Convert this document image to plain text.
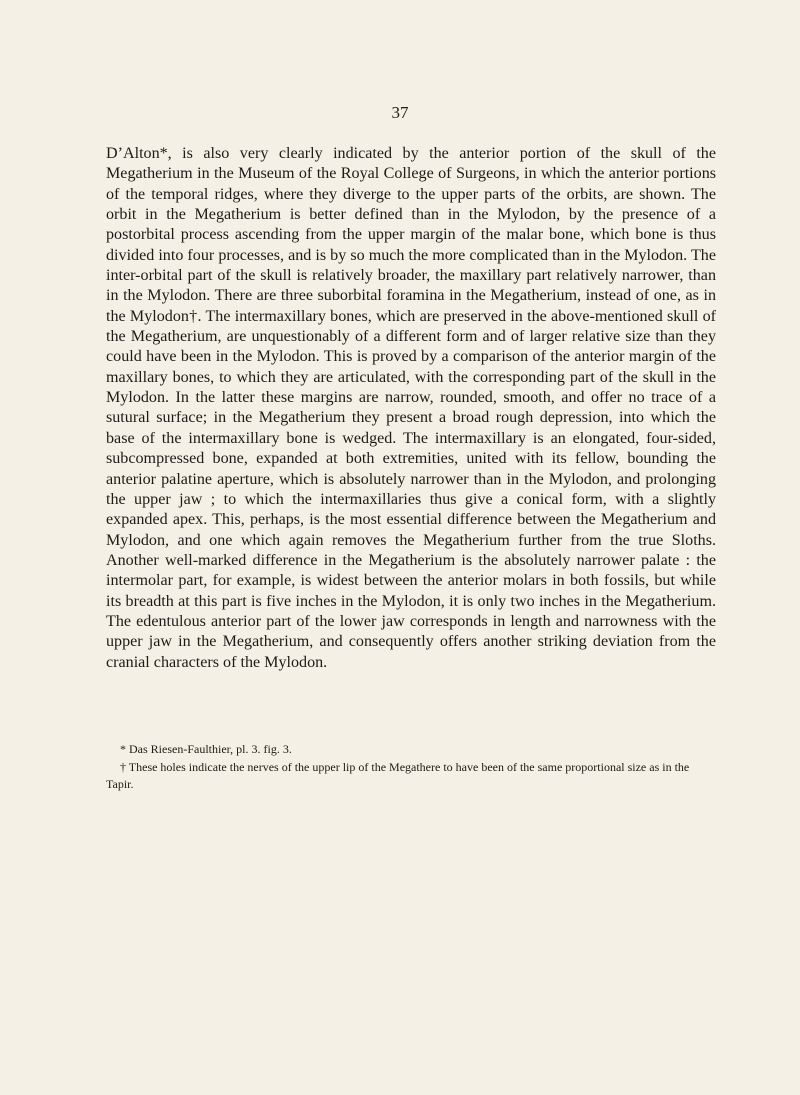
37

D’Alton*, is also very clearly indicated by the anterior portion of the skull of the Megatherium in the Museum of the Royal College of Surgeons, in which the anterior portions of the temporal ridges, where they diverge to the upper parts of the orbits, are shown. The orbit in the Megatherium is better defined than in the Mylodon, by the presence of a postorbital process ascending from the upper margin of the malar bone, which bone is thus divided into four processes, and is by so much the more complicated than in the Mylodon. The inter-orbital part of the skull is relatively broader, the maxillary part relatively narrower, than in the Mylodon. There are three suborbital foramina in the Megatherium, instead of one, as in the Mylodon†. The intermaxillary bones, which are preserved in the above-mentioned skull of the Megatherium, are unquestionably of a different form and of larger relative size than they could have been in the Mylodon. This is proved by a comparison of the anterior margin of the maxillary bones, to which they are articulated, with the corresponding part of the skull in the Mylodon. In the latter these margins are narrow, rounded, smooth, and offer no trace of a sutural surface; in the Megatherium they present a broad rough depression, into which the base of the intermaxillary bone is wedged. The intermaxillary is an elongated, four-sided, subcompressed bone, expanded at both extremities, united with its fellow, bounding the anterior palatine aperture, which is absolutely narrower than in the Mylodon, and prolonging the upper jaw ; to which the intermaxillaries thus give a conical form, with a slightly expanded apex. This, perhaps, is the most essential difference between the Megatherium and Mylodon, and one which again removes the Megatherium further from the true Sloths. Another well-marked difference in the Megatherium is the absolutely narrower palate : the intermolar part, for example, is widest between the anterior molars in both fossils, but while its breadth at this part is five inches in the Mylodon, it is only two inches in the Megatherium. The edentulous anterior part of the lower jaw corresponds in length and narrowness with the upper jaw in the Megatherium, and consequently offers another striking deviation from the cranial characters of the Mylodon.

* Das Riesen-Faulthier, pl. 3. fig. 3.

† These holes indicate the nerves of the upper lip of the Megathere to have been of the same proportional size as in the Tapir.
